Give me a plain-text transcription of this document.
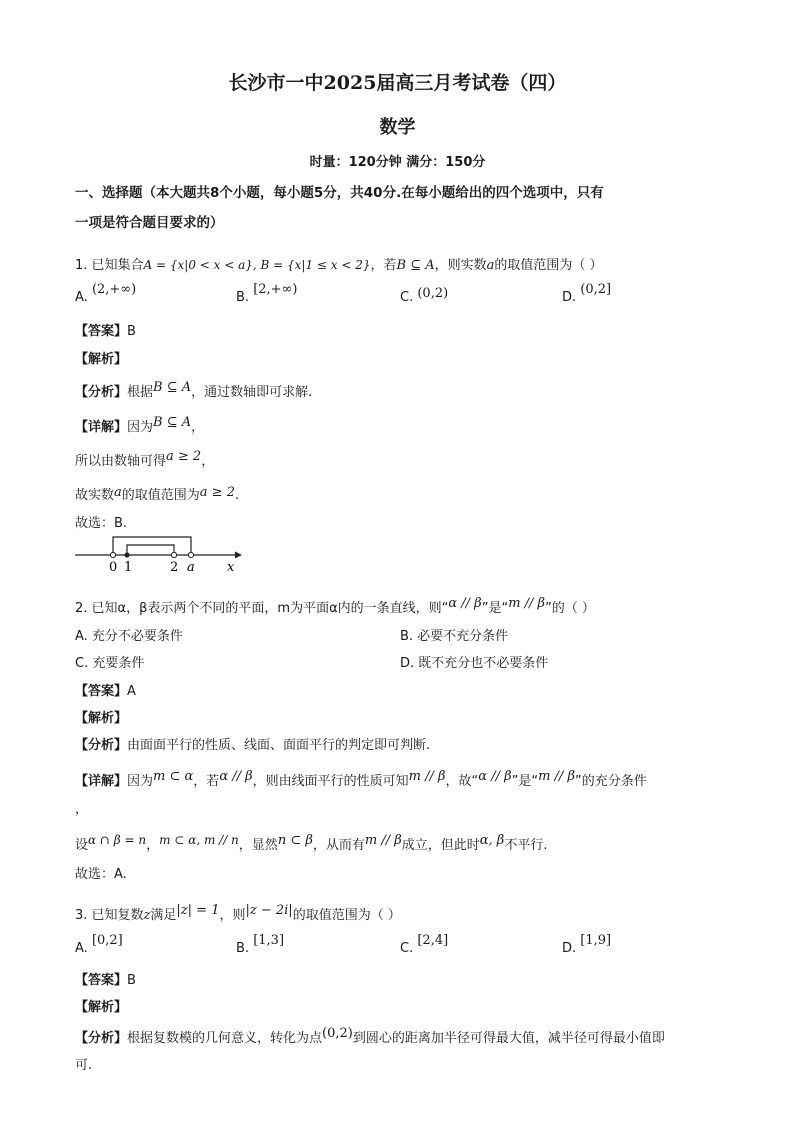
长沙市一中2025届高三月考试卷（四）
数学
时量：120分钟 满分：150分
一、选择题（本大题共8个小题，每小题5分，共40分.在每小题给出的四个选项中，只有
一项是符合题目要求的）
1. 已知集合A = {x|0 < x < a}, B = {x|1 ≤ x < 2}，若B ⊆ A，则实数a的取值范围为（ ）
A. (2,+∞)
B. [2,+∞)
C. (0,2)	D. (0,2]
【答案】B
【解析】
【分析】根据B ⊆ A，通过数轴即可求解.
【详解】因为B ⊆ A，
所以由数轴可得a ≥ 2，
故实数a的取值范围为a ≥ 2.
故选：B.
0 1	2 a x
2. 已知α，β表示两个不同的平面，m为平面α内的一条直线，则“α // β”是“m // β”的（ ）
A. 充分不必要条件	B. 必要不充分条件
C. 充要条件	D. 既不充分也不必要条件
【答案】A
【解析】
【分析】由面面平行的性质、线面、面面平行的判定即可判断.
【详解】因为m ⊂ α，若α // β，则由线面平行的性质可知m // β，故“α // β”是“m // β”的充分条件
，
设α ∩ β = n，m ⊂ α, m // n，显然n ⊂ β，从而有m // β成立，但此时α, β不平行.
故选：A.
3. 已知复数z满足|z| = 1，则|z − 2i|的取值范围为（ ）
A. [0,2]
B. [1,3]
C. [2,4]
D. [1,9]
【答案】B
【解析】
【分析】根据复数模的几何意义，转化为点(0,2)到圆心的距离加半径可得最大值，减半径可得最小值即
可.
